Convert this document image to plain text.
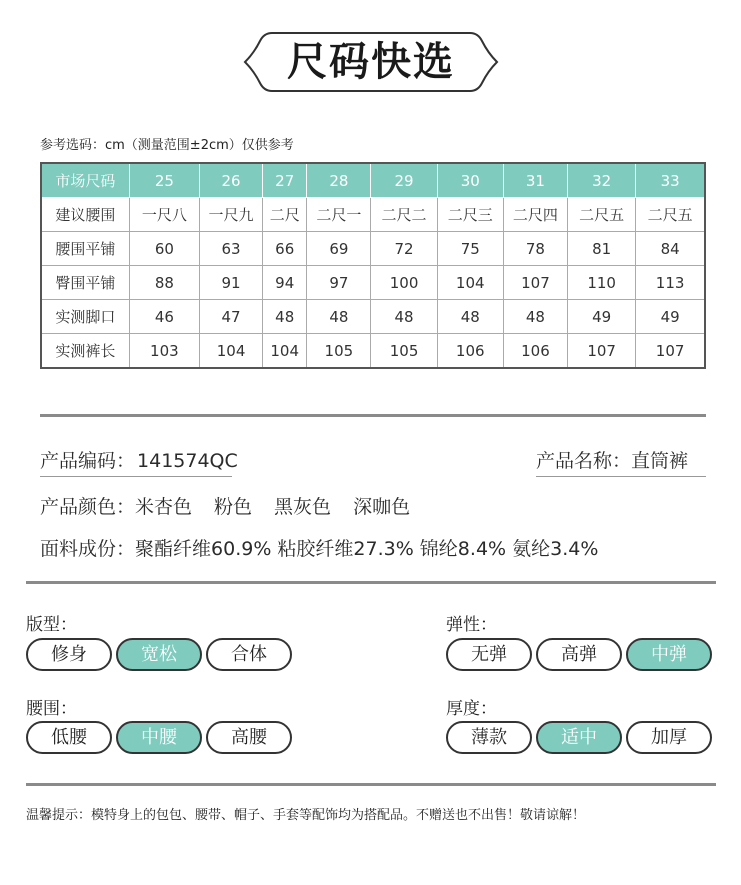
尺码快选
参考选码：cm（测量范围±2cm）仅供参考
市场尺码	25	26	27	28	29	30	31	32	33
建议腰围	一尺八	一尺九	二尺	二尺一	二尺二	二尺三	二尺四	二尺五	二尺五
腰围平铺	60	63	66	69	72	75	78	81	84
臀围平铺	88	91	94	97	100	104	107	110	113
实测脚口	46	47	48	48	48	48	48	49	49
实测裤长	103	104	104	105	105	106	106	107	107
产品编码： 141574QC	产品名称：直筒裤
产品颜色：米杏色 粉色 黑灰色 深咖色
面料成份：聚酯纤维60.9% 粘胶纤维27.3% 锦纶8.4% 氨纶3.4%
版型：
修身	宽松	合体
弹性：
无弹	高弹	中弹
腰围：
低腰	中腰	高腰
厚度：
薄款	适中	加厚
温馨提示：模特身上的包包、腰带、帽子、手套等配饰均为搭配品。不赠送也不出售！敬请谅解！
